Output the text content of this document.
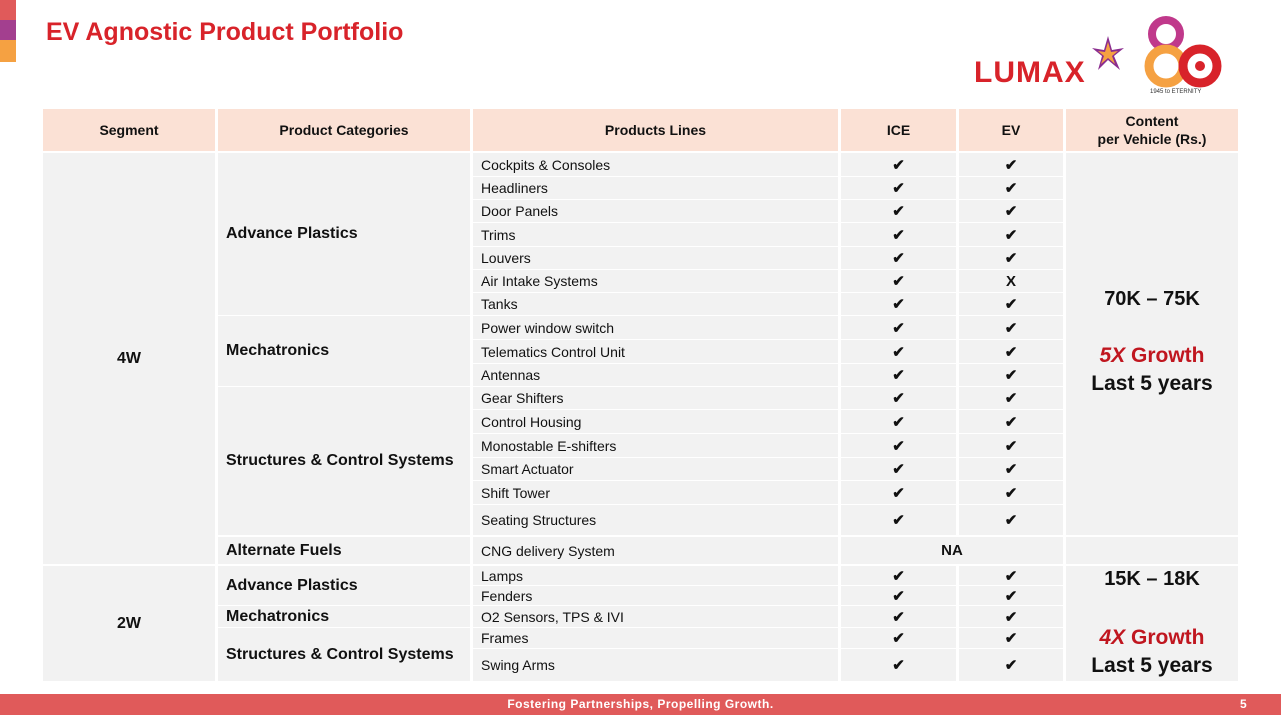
EV Agnostic Product Portfolio
LUMAX
1945 to ETERNITY
Segment	Product Categories	Products Lines	ICE	EV
Content
per Vehicle (Rs.)
4W
Advance Plastics
Cockpits & Consoles	✔	✔
Headliners	✔	✔
Door Panels	✔	✔
Trims	✔	✔
Louvers	✔	✔
Air Intake Systems	✔	X
Tanks	✔	✔
Mechatronics
Power window switch	✔	✔
Telematics Control Unit	✔	✔
Antennas	✔	✔
Structures & Control Systems
Gear Shifters	✔	✔
Control Housing	✔	✔
Monostable E-shifters	✔	✔
Smart Actuator	✔	✔
Shift Tower	✔	✔
Seating Structures	✔	✔
Alternate Fuels	CNG delivery System	NA
70K – 75K
5X Growth
Last 5 years
2W
Advance Plastics
Lamps	✔	✔
Fenders	✔	✔
Mechatronics	O2 Sensors, TPS & IVI	✔	✔
Structures & Control Systems
Frames	✔	✔
Swing Arms	✔	✔
15K – 18K
4X Growth
Last 5 years
Fostering Partnerships, Propelling Growth.	5
